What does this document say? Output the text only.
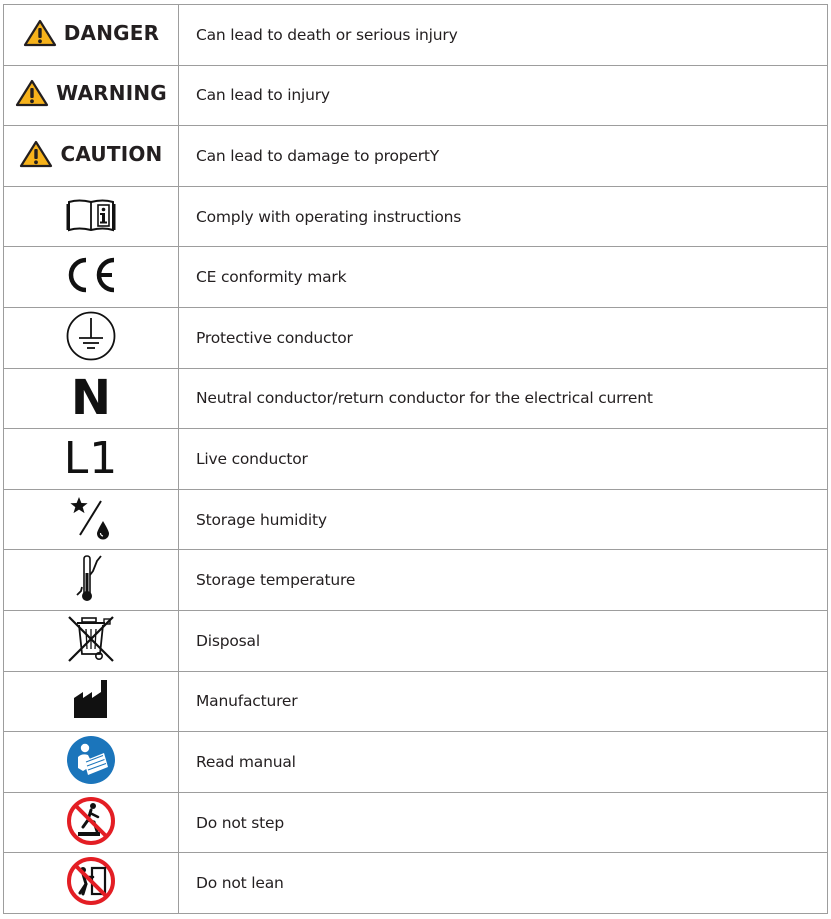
DANGER	Can lead to death or serious injury

WARNING	Can lead to injury

CAUTION	Can lead to damage to propertY

	Comply with operating instructions

	CE conformity mark

	Protective conductor
N	Neutral conductor/return conductor for the electrical current
L1	Live conductor

	Storage humidity

	Storage temperature

	Disposal

	Manufacturer

	Read manual

	Do not step

	Do not lean
